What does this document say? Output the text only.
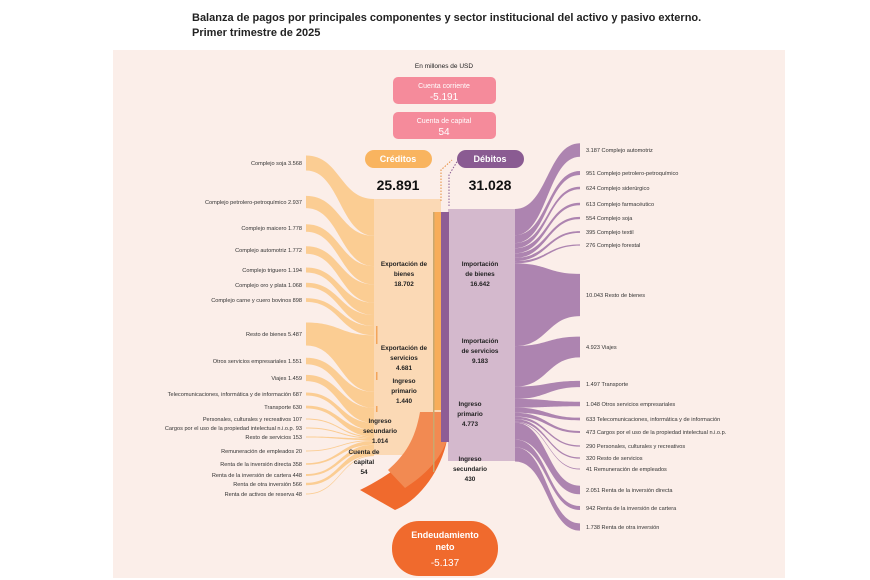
Balanza de pagos por principales componentes y sector institucional del activo y pasivo externo.
Primer trimestre de 2025
Complejo soja 3.568
Complejo petrolero-petroquímico 2.937
Complejo maicero 1.778
Complejo automotriz 1.772
Complejo triguero 1.194
Complejo oro y plata 1.068
Complejo carne y cuero bovinos 898
Resto de bienes 5.487
Otros servicios empresariales 1.551
Viajes 1.459
Telecomunicaciones, informática y de información 687
Transporte 630
Personales, culturales y recreativos 107
Cargos por el uso de la propiedad intelectual n.i.o.p. 93
Resto de servicios 153
Remuneración de empleados 20
Renta de la inversión directa 358
Renta de la inversión de cartera 448
Renta de otra inversión 566
Renta de activos de reserva 48
Exportación de
bienes
18.702
Exportación de
servicios
4.681
Ingreso
primario
1.440
Ingreso
secundario
1.014
Cuenta de
capital
54
3.187 Complejo automotriz
951 Complejo petrolero-petroquímico
624 Complejo siderúrgico
613 Complejo farmacéutico
554 Complejo soja
395 Complejo textil
276 Complejo forestal
10.043 Resto de bienes
4.923 Viajes
1.497 Transporte
1.048 Otros servicios empresariales
633 Telecomunicaciones, informática y de información
473 Cargos por el uso de la propiedad intelectual n.i.o.p.
290 Personales, culturales y recreativos
320 Resto de servicios
41 Remuneración de empleados
2.051 Renta de la inversión directa
942 Renta de la inversión de cartera
1.738 Renta de otra inversión
Importación
de bienes
16.642
Importación
de servicios
9.183
Ingreso
primario
4.773
Ingreso
secundario
430
En millones de USD
Cuenta corriente
-5.191
Cuenta de capital
54
Créditos
25.891
Débitos
31.028
Endeudamiento
neto
-5.137
